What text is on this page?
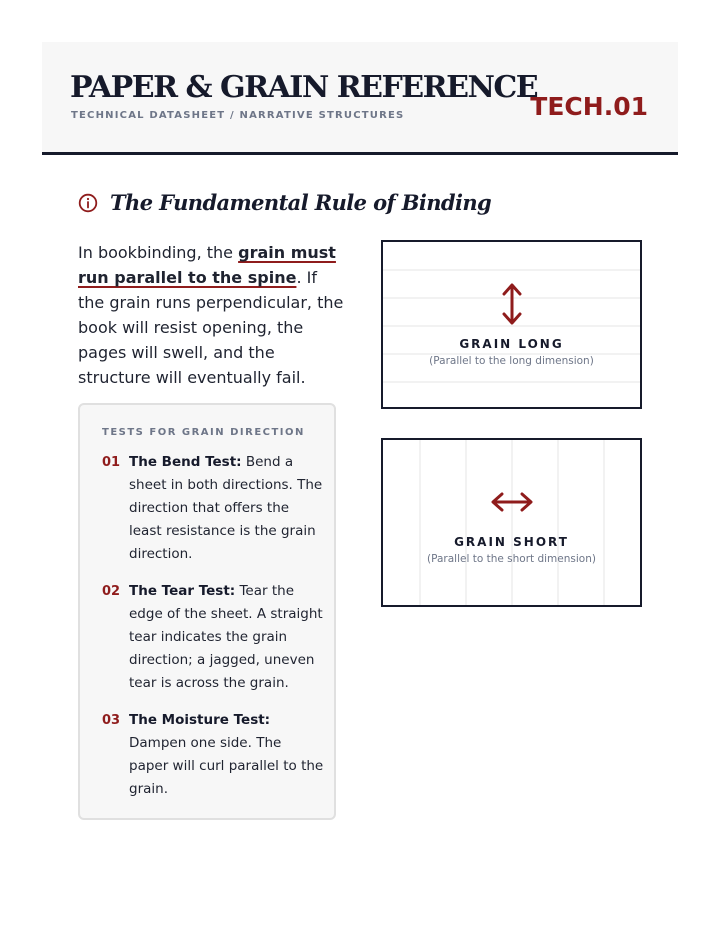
PAPER & GRAIN REFERENCE
TECHNICAL DATASHEET / NARRATIVE STRUCTURES	TECH.01
The Fundamental Rule of Binding

In bookbinding, the grain must run parallel to the spine. If the grain runs perpendicular, the book will resist opening, the pages will swell, and the structure will eventually fail.

TESTS FOR GRAIN DIRECTION
01 The Bend Test: Bend a sheet in both directions. The direction that offers the least resistance is the grain direction.
02 The Tear Test: Tear the edge of the sheet. A straight tear indicates the grain direction; a jagged, uneven tear is across the grain.
03 The Moisture Test: Dampen one side. The paper will curl parallel to the grain.
GRAIN LONG
(Parallel to the long dimension)
GRAIN SHORT
(Parallel to the short dimension)
